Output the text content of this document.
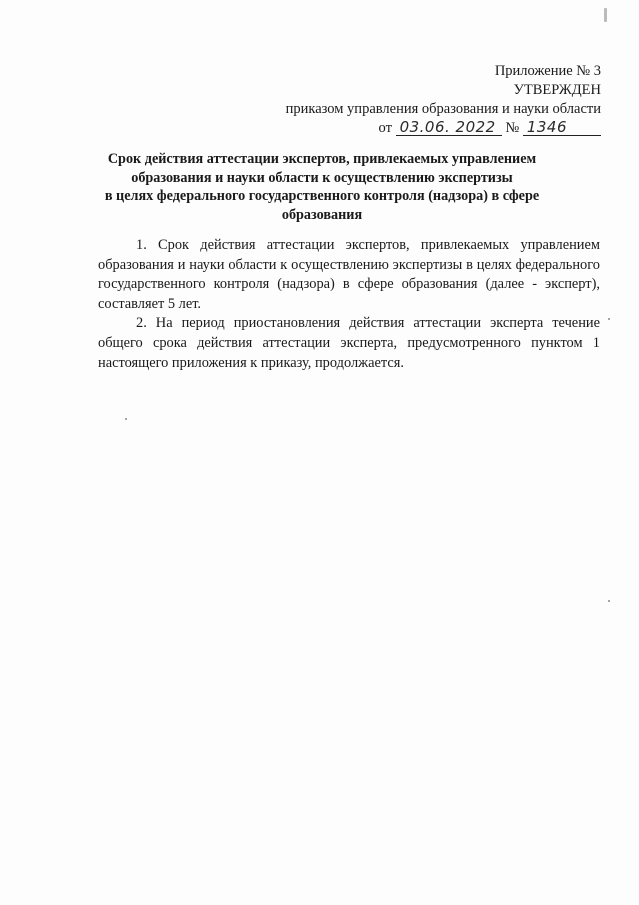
Приложение № 3
УТВЕРЖДЕН
приказом управления образования и науки области
от 03.06. 2022 № 1346
Срок действия аттестации экспертов, привлекаемых управлением
образования и науки области к осуществлению экспертизы
в целях федерального государственного контроля (надзора) в сфере
образования

1. Срок действия аттестации экспертов, привлекаемых управлением образования и науки области к осуществлению экспертизы в целях федерального государственного контроля (надзора) в сфере образования (далее - эксперт), составляет 5 лет.

2. На период приостановления действия аттестации эксперта течение общего срока действия аттестации эксперта, предусмотренного пунктом 1 настоящего приложения к приказу, продолжается.
